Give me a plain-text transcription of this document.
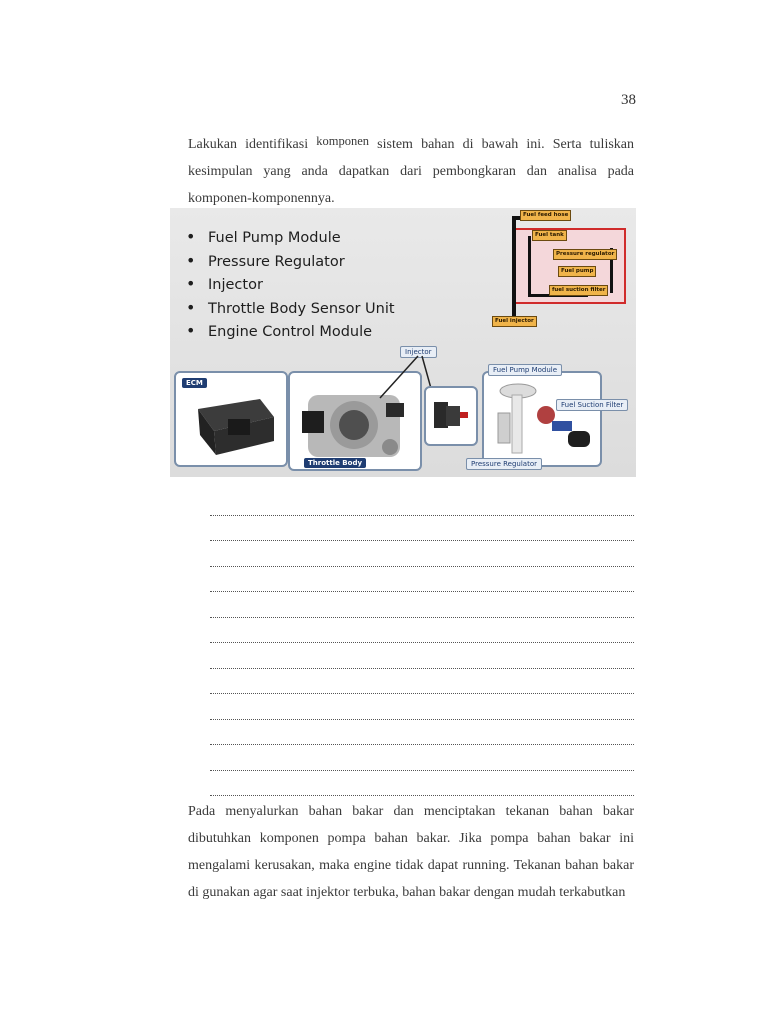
38

Lakukan identifikasi komponen sistem bahan di bawah ini. Serta tuliskan kesimpulan yang anda dapatkan dari pembongkaran dan analisa pada komponen-komponennya.

• Fuel Pump Module
• Pressure Regulator
• Injector
• Throttle Body Sensor Unit
• Engine Control Module
Fuel feed hose
Fuel tank
Pressure regulator
Fuel pump
fuel suction filter
Fuel injector
ECM
Throttle Body
Injector
Fuel Pump Module
Fuel Suction Filter
Pressure Regulator

Pada menyalurkan bahan bakar dan menciptakan tekanan bahan bakar dibutuhkan komponen pompa bahan bakar. Jika pompa bahan bakar ini mengalami kerusakan, maka engine tidak dapat running. Tekanan bahan bakar di gunakan agar saat injektor terbuka, bahan bakar dengan mudah terkabutkan
